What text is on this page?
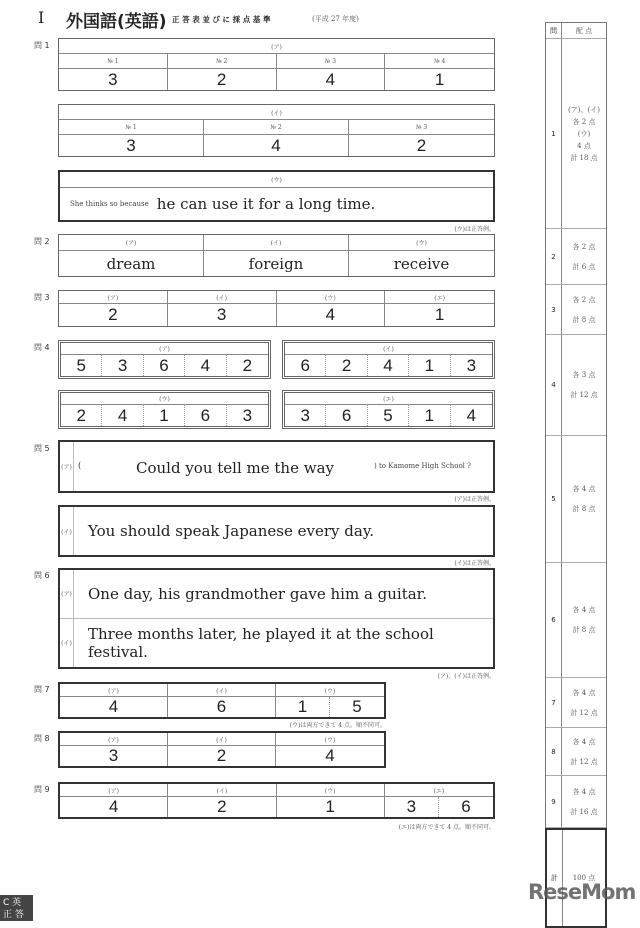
Ⅰ 外国語(英語) 正 答 表 並 び に 採 点 基 準	(平成 27 年度)
問 1	(ア)
№ 1	№ 2	№ 3	№ 4
3	2	4	1
(イ)
№ 1	№ 2	№ 3
3	4	2
(ウ)
She thinks so because he can use it for a long time.
(ウ)は正答例。
問 2	(ア)	(イ)	(ウ)
dream	foreign	receive
問 3	(ア)	(イ)	(ウ)	(エ)
2	3	4	1
問 4	(ア)
5	3	6	4	2
(イ)
6	2	4	1	3
(ウ)
2	4	1	6	3
(エ)
3	6	5	1	4
問 5
(ア) (	Could you tell me the way	) to Kamome High School ?
(ア)は正答例。
(イ) You should speak Japanese every day.
(イ)は正答例。
問 6
(ア) One day, his grandmother gave him a guitar.
(イ)
Three months later, he played it at the school festival.
(ア)、(イ)は正答例。
問 7	(ア)	(イ)	(ウ)
4	6	1	5
(ウ)は両方できて 4 点。順不同可。
問 8	(ア)	(イ)	(ウ)
3	2	4
問 9	(ア)	(イ)	(ウ)	(エ)
4	2	1	3	6
(エ)は両方できて 4 点。順不同可。
問	配 点
1
(ア)、(イ)
各 2 点
(ウ)
4 点
計 18 点
2
各 2 点
計 6 点
3
各 2 点
計 8 点
4
各 3 点
計 12 点
5
各 4 点
計 8 点
6
各 4 点
計 8 点
7
各 4 点
計 12 点
8
各 4 点
計 12 点
9
各 4 点
計 16 点
計	100 点
ReseMom
C 英
正 答
